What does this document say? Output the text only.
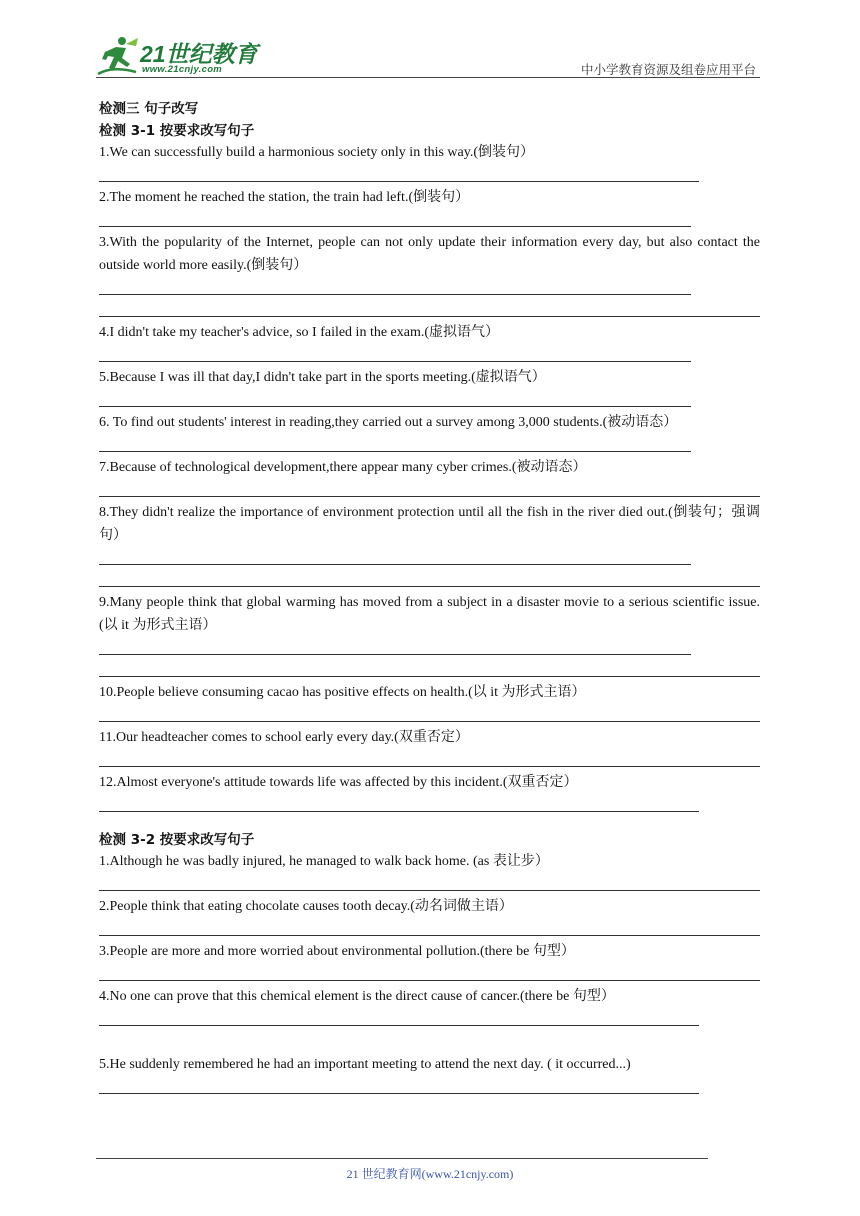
21世纪教育
www.21cnjy.com	中小学教育资源及组卷应用平台
检测三 句子改写
检测 3-1 按要求改写句子
1.We can successfully build a harmonious society only in this way.(倒装句）
2.The moment he reached the station, the train had left.(倒装句）
3.With the popularity of the Internet, people can not only update their information every day, but also contact the outside world more easily.(倒装句）
4.I didn't take my teacher's advice, so I failed in the exam.(虚拟语气）
5.Because I was ill that day,I didn't take part in the sports meeting.(虚拟语气）
6. To find out students' interest in reading,they carried out a survey among 3,000 students.(被动语态）
7.Because of technological development,there appear many cyber crimes.(被动语态）
8.They didn't realize the importance of environment protection until all the fish in the river died out.(倒装句；强调句）
9.Many people think that global warming has moved from a subject in a disaster movie to a serious scientific issue.(以 it 为形式主语）
10.People believe consuming cacao has positive effects on health.(以 it 为形式主语）
11.Our headteacher comes to school early every day.(双重否定）
12.Almost everyone's attitude towards life was affected by this incident.(双重否定）
检测 3-2 按要求改写句子
1.Although he was badly injured, he managed to walk back home. (as 表让步）
2.People think that eating chocolate causes tooth decay.(动名词做主语）
3.People are more and more worried about environmental pollution.(there be 句型）
4.No one can prove that this chemical element is the direct cause of cancer.(there be 句型）
5.He suddenly remembered he had an important meeting to attend the next day. ( it occurred...)
21 世纪教育网(www.21cnjy.com)
